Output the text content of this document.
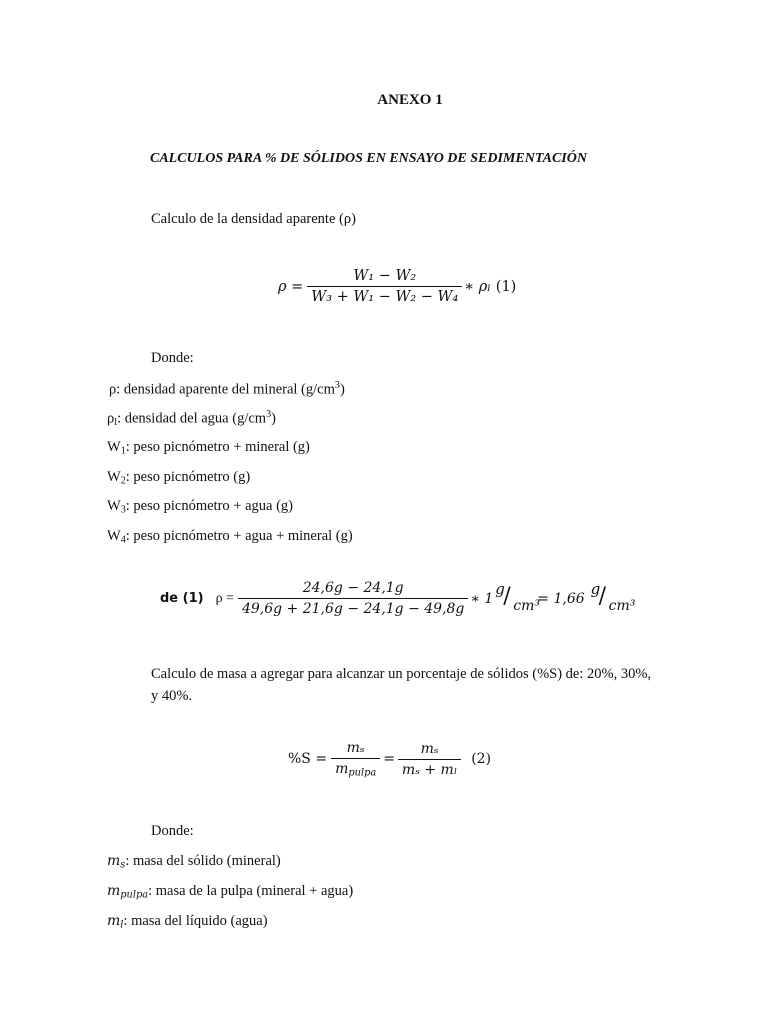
ANEXO 1
CALCULOS PARA % DE SÓLIDOS EN ENSAYO DE SEDIMENTACIÓN
Calculo de la densidad aparente (ρ)
$\rho = \frac{\text{W₁ − W₂}}{\text{W₃ + W₁ − W₂ − W₄}}$ ∗ ρₗ (1)
Donde:
ρ: densidad aparente del mineral $(g/cm^3)$
$\rho_l$: densidad del agua $(g/cm^3)$
$W_1$: peso picnómetro + mineral (g)
$W_2$: peso picnómetro (g)
$W_3$: peso picnómetro + agua (g)
$W_4$: peso picnómetro + agua + mineral (g)
de (1) $\rho = \frac{24,6g - 24,1g}{49,6g + 21,6g - 24,1g - 49,8g}$ ∗ 1
g
/ cm³
= 1,66
g
/ cm³
Calculo de masa a agregar para alcanzar un porcentaje de sólidos (%S) de: 20%, 30%,
y 40%.
$\%S = \frac{\text{mₛ}}{m_{pulpa}} = \frac{\text{mₛ}}{\text{mₛ + mₗ}} (2)$
Donde:
$m_s$: masa del sólido (mineral)
$m_{pulpa}$: masa de la pulpa (mineral + agua)
$m_l$: masa del líquido (agua)
